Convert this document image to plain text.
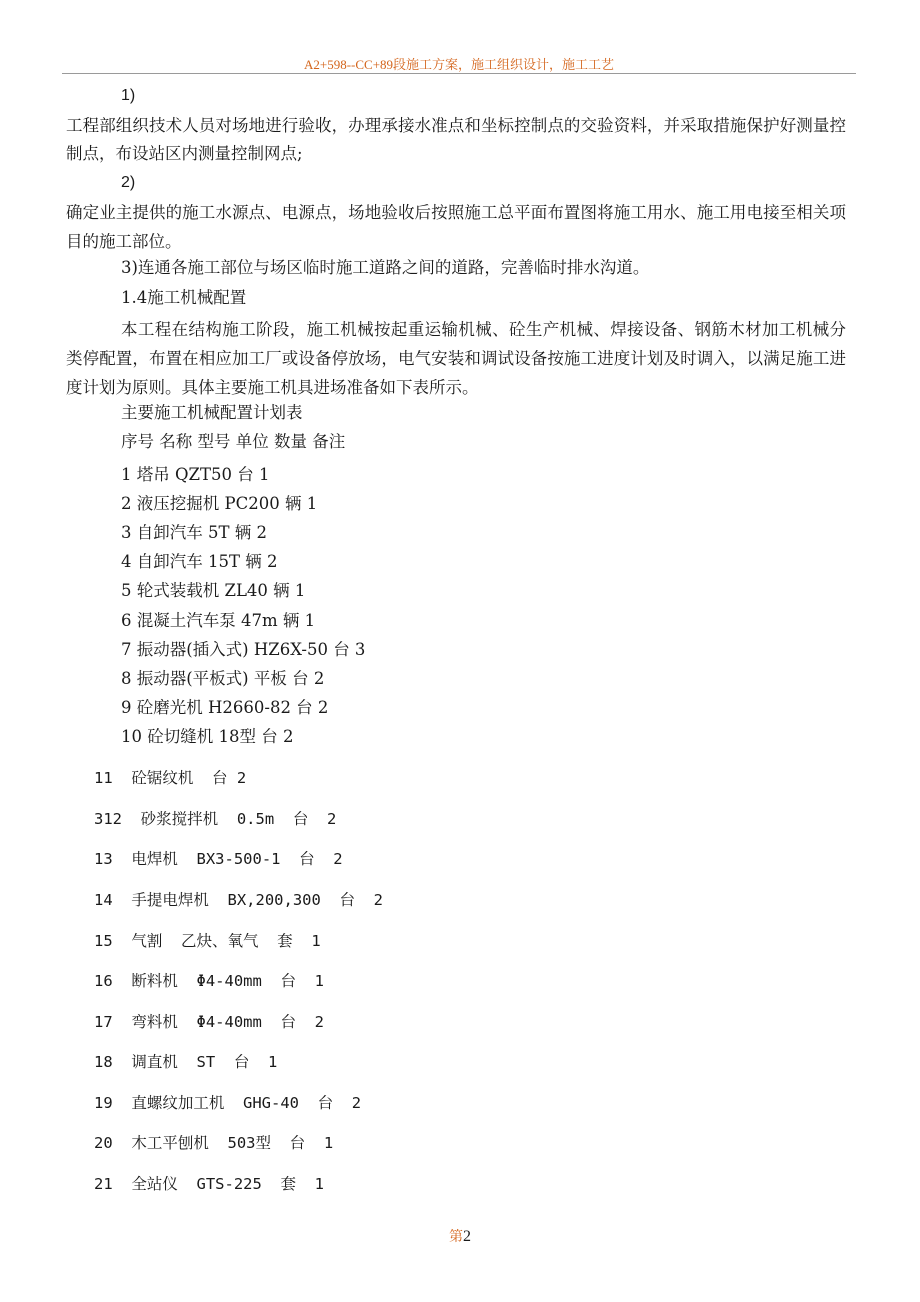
A2+598--CC+89段施工方案，施工组织设计，施工工艺
1)
工程部组织技术人员对场地进行验收，办理承接水准点和坐标控制点的交验资料，并采取措施保护好测量控制点，布设站区内测量控制网点;
2)
确定业主提供的施工水源点、电源点，场地验收后按照施工总平面布置图将施工用水、施工用电接至相关项目的施工部位。
3)连通各施工部位与场区临时施工道路之间的道路，完善临时排水沟道。
1.4施工机械配置
本工程在结构施工阶段，施工机械按起重运输机械、砼生产机械、焊接设备、钢筋木材加工机械分类停配置，布置在相应加工厂或设备停放场，电气安装和调试设备按施工进度计划及时调入，以满足施工进度计划为原则。具体主要施工机具进场准备如下表所示。
主要施工机械配置计划表
序号 名称 型号 单位 数量 备注
1 塔吊 QZT50 台 1
2 液压挖掘机 PC200 辆 1
3 自卸汽车 5T 辆 2
4 自卸汽车 15T 辆 2
5 轮式装载机 ZL40 辆 1
6 混凝土汽车泵 47m 辆 1
7 振动器(插入式) HZ6X-50 台 3
8 振动器(平板式) 平板 台 2
9 砼磨光机 H2660-82 台 2
10 砼切缝机 18型 台 2
11  砼锯纹机  台 2
312  砂浆搅拌机  0.5m  台  2
13  电焊机  BX3-500-1  台  2
14  手提电焊机  BX,200,300  台  2
15  气割  乙炔、氧气  套  1
16  断料机  Φ4-40mm  台  1
17  弯料机  Φ4-40mm  台  2
18  调直机  ST  台  1
19  直螺纹加工机  GHG-40  台  2
20  木工平刨机  503型  台  1
21  全站仪  GTS-225  套  1
第2
